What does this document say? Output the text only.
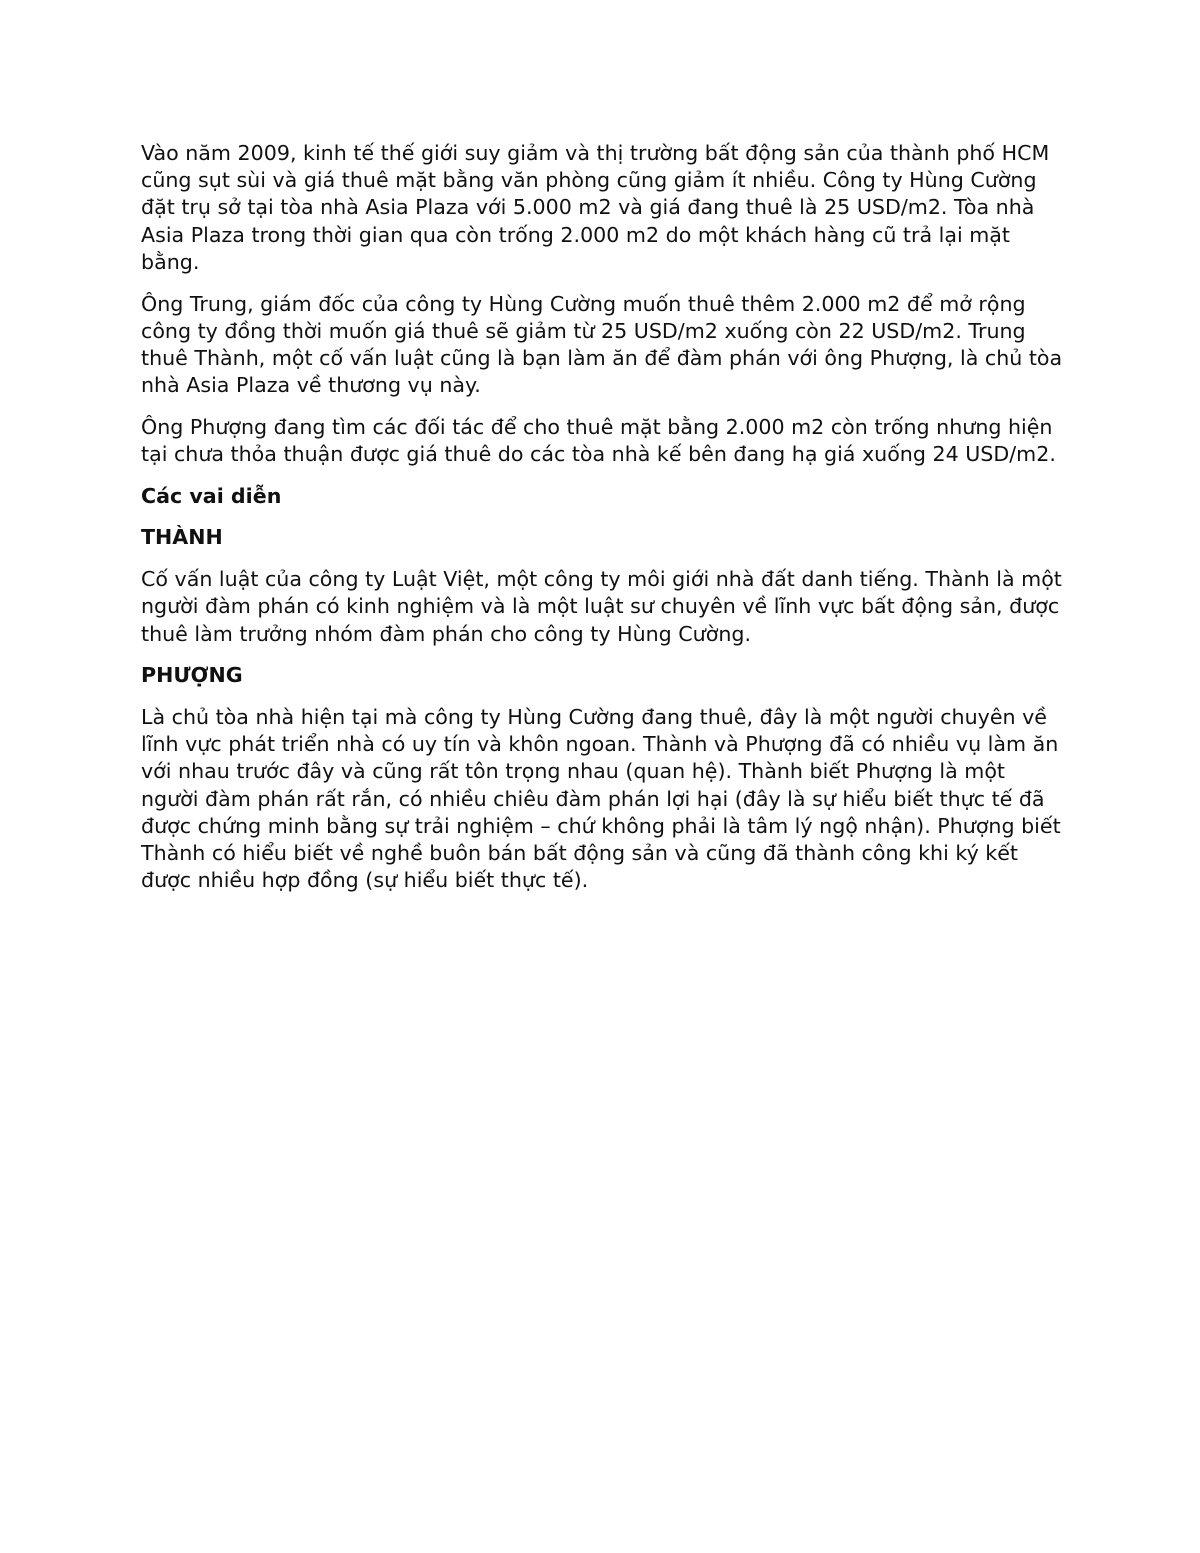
Vào năm 2009, kinh tế thế giới suy giảm và thị trường bất động sản của thành phố HCM cũng sụt sùi và giá thuê mặt bằng văn phòng cũng giảm ít nhiều. Công ty Hùng Cường đặt trụ sở tại tòa nhà Asia Plaza với 5.000 m2 và giá đang thuê là 25 USD/m2. Tòa nhà Asia Plaza trong thời gian qua còn trống 2.000 m2 do một khách hàng cũ trả lại mặt bằng.

Ông Trung, giám đốc của công ty Hùng Cường muốn thuê thêm 2.000 m2 để mở rộng công ty đồng thời muốn giá thuê sẽ giảm từ 25 USD/m2 xuống còn 22 USD/m2. Trung thuê Thành, một cố vấn luật cũng là bạn làm ăn để đàm phán với ông Phượng, là chủ tòa nhà Asia Plaza về thương vụ này.

Ông Phượng đang tìm các đối tác để cho thuê mặt bằng 2.000 m2 còn trống nhưng hiện tại chưa thỏa thuận được giá thuê do các tòa nhà kế bên đang hạ giá xuống 24 USD/m2.

Các vai diễn

THÀNH

Cố vấn luật của công ty Luật Việt, một công ty môi giới nhà đất danh tiếng. Thành là một người đàm phán có kinh nghiệm và là một luật sư chuyên về lĩnh vực bất động sản, được thuê làm trưởng nhóm đàm phán cho công ty Hùng Cường.

PHƯỢNG

Là chủ tòa nhà hiện tại mà công ty Hùng Cường đang thuê, đây là một người chuyên về lĩnh vực phát triển nhà có uy tín và khôn ngoan. Thành và Phượng đã có nhiều vụ làm ăn với nhau trước đây và cũng rất tôn trọng nhau (quan hệ). Thành biết Phượng là một người đàm phán rất rắn, có nhiều chiêu đàm phán lợi hại (đây là sự hiểu biết thực tế đã được chứng minh bằng sự trải nghiệm – chứ không phải là tâm lý ngộ nhận). Phượng biết Thành có hiểu biết về nghề buôn bán bất động sản và cũng đã thành công khi ký kết được nhiều hợp đồng (sự hiểu biết thực tế).
